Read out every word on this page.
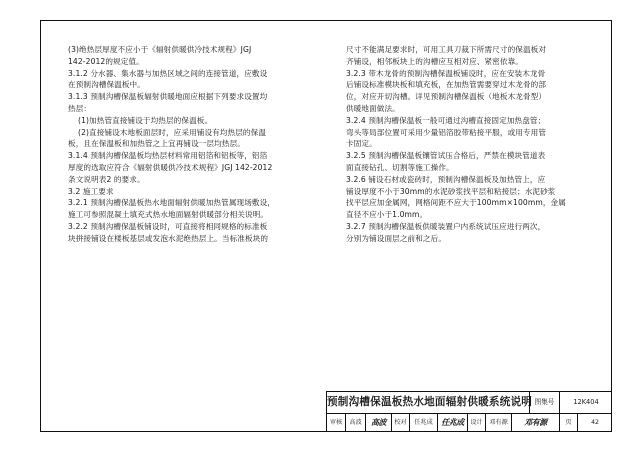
(3)绝热层厚度不应小于《辐射供暖供冷技术规程》JGJ

142-2012的规定值。

3.1.2 分水器、集水器与加热区域之间的连接管道，应敷设

在预制沟槽保温板中。

3.1.3 预制沟槽保温板辐射供暖地面应根据下列要求设置均

热层：

(1)加热管直接铺设于均热层的保温板。

(2)直接铺设木地板面层时，应采用铺设有均热层的保温

板，且在保温板和加热管之上宜再铺设一层均热层。

3.1.4 预制沟槽保温板均热层材料常用铝箔和铝板等，铝箔

厚度的选取应符合《辐射供暖供冷技术规程》JGJ 142-2012

条文说明表2 的要求。

3.2 施工要求

3.2.1 预制沟槽保温板热水地面辐射供暖加热管属现场敷设，

施工可参照混凝土填充式热水地面辐射供暖部分相关说明。

3.2.2 预制沟槽保温板铺设时，可直接将相同规格的标准板

块拼接铺设在楼板基层或发泡水泥绝热层上。当标准板块的

尺寸不能满足要求时，可用工具刀裁下所需尺寸的保温板对

齐铺设，相邻板块上的沟槽应互相对应、紧密依靠。

3.2.3 带木龙骨的预制沟槽保温板铺设时，应在安装木龙骨

后铺设标准模块板和填充板，在加热管需要穿过木龙骨的部

位，对应开切沟槽。详见预制沟槽保温板（地板木龙骨型）

供暖地面做法。

3.2.4 预制沟槽保温板一般可通过沟槽直接固定加热盘管；

弯头等局部位置可采用少量铝箔胶带粘接平服，或用专用管

卡固定。

3.2.5 预制沟槽保温板镶管试压合格后，严禁在模块管道表

面直接钻孔、切割等施工操作。

3.2.6 铺设石材或瓷砖时，预制沟槽保温板及加热管上，应

铺设厚度不小于30mm的水泥砂浆找平层和粘接层；水泥砂浆

找平层应加金属网，网格间距不应大于100mm×100mm，金属

直径不应小于1.0mm。

3.2.7 预制沟槽保温板供暖装置户内系统试压应进行两次，

分别为铺设面层之前和之后。

预制沟槽保温板热水地面辐射供暖系统说明 图集号	12K404
审核	高波	高波	校对	任兆成	任兆成	设计	邓有源	邓有源	页	42
